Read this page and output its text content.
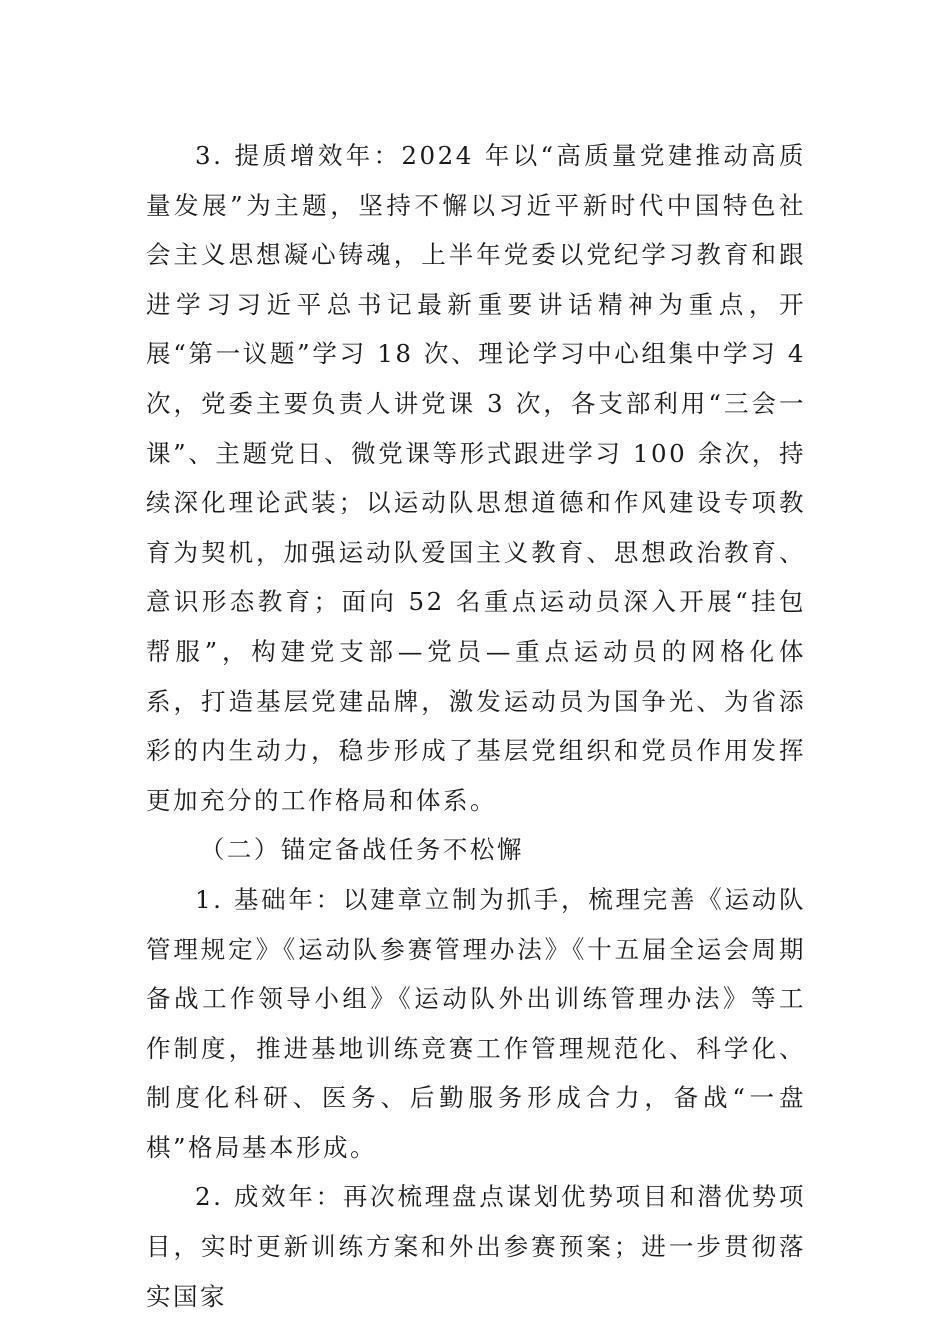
3. 提质增效年：2024 年以“高质量党建推动高质量发展”为主题，坚持不懈以习近平新时代中国特色社会主义思想凝心铸魂，上半年党委以党纪学习教育和跟进学习习近平总书记最新重要讲话精神为重点，开展“第一议题”学习 18 次、理论学习中心组集中学习 4 次，党委主要负责人讲党课 3 次，各支部利用“三会一课”、主题党日、微党课等形式跟进学习 100 余次，持续深化理论武装；以运动队思想道德和作风建设专项教育为契机，加强运动队爱国主义教育、思想政治教育、意识形态教育；面向 52 名重点运动员深入开展“挂包帮服”，构建党支部—党员—重点运动员的网格化体系，打造基层党建品牌，激发运动员为国争光、为省添彩的内生动力，稳步形成了基层党组织和党员作用发挥更加充分的工作格局和体系。

（二）锚定备战任务不松懈

1. 基础年：以建章立制为抓手，梳理完善《运动队管理规定》《运动队参赛管理办法》《十五届全运会周期备战工作领导小组》《运动队外出训练管理办法》等工作制度，推进基地训练竞赛工作管理规范化、科学化、制度化科研、医务、后勤服务形成合力，备战“一盘棋”格局基本形成。

2. 成效年：再次梳理盘点谋划优势项目和潜优势项目，实时更新训练方案和外出参赛预案；进一步贯彻落实国家
